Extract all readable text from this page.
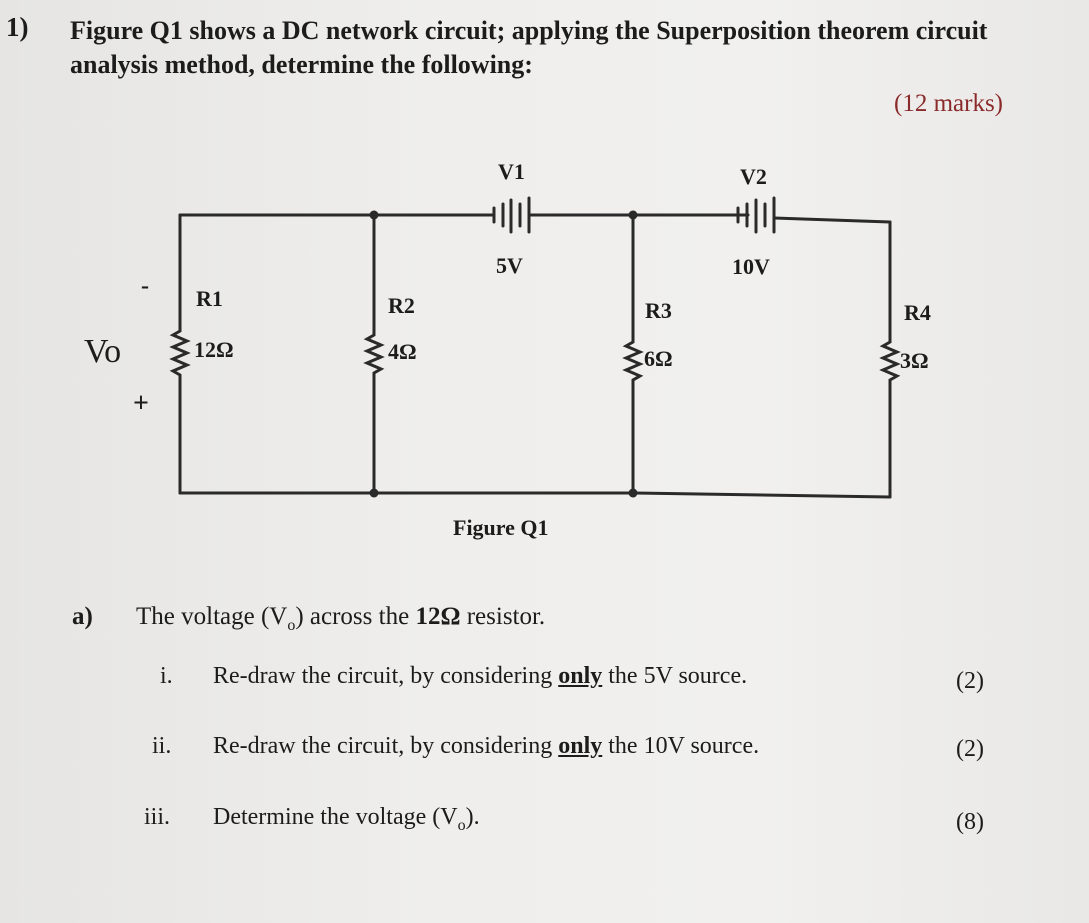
1) Figure Q1 shows a DC network circuit; applying the Superposition theorem circuit
analysis method, determine the following:
(12 marks)
V1
5V
V2
10V
R1
12Ω
R2
4Ω
R3
6Ω
R4
3Ω
Vo
-
+
Figure Q1
a) The voltage $(V_o)$ across the 12Ω resistor.
i. Re-draw the circuit, by considering only the 5V source.	(2)
ii. Re-draw the circuit, by considering only the 10V source.	(2)
iii. Determine the voltage $(V_o)$.	(8)
